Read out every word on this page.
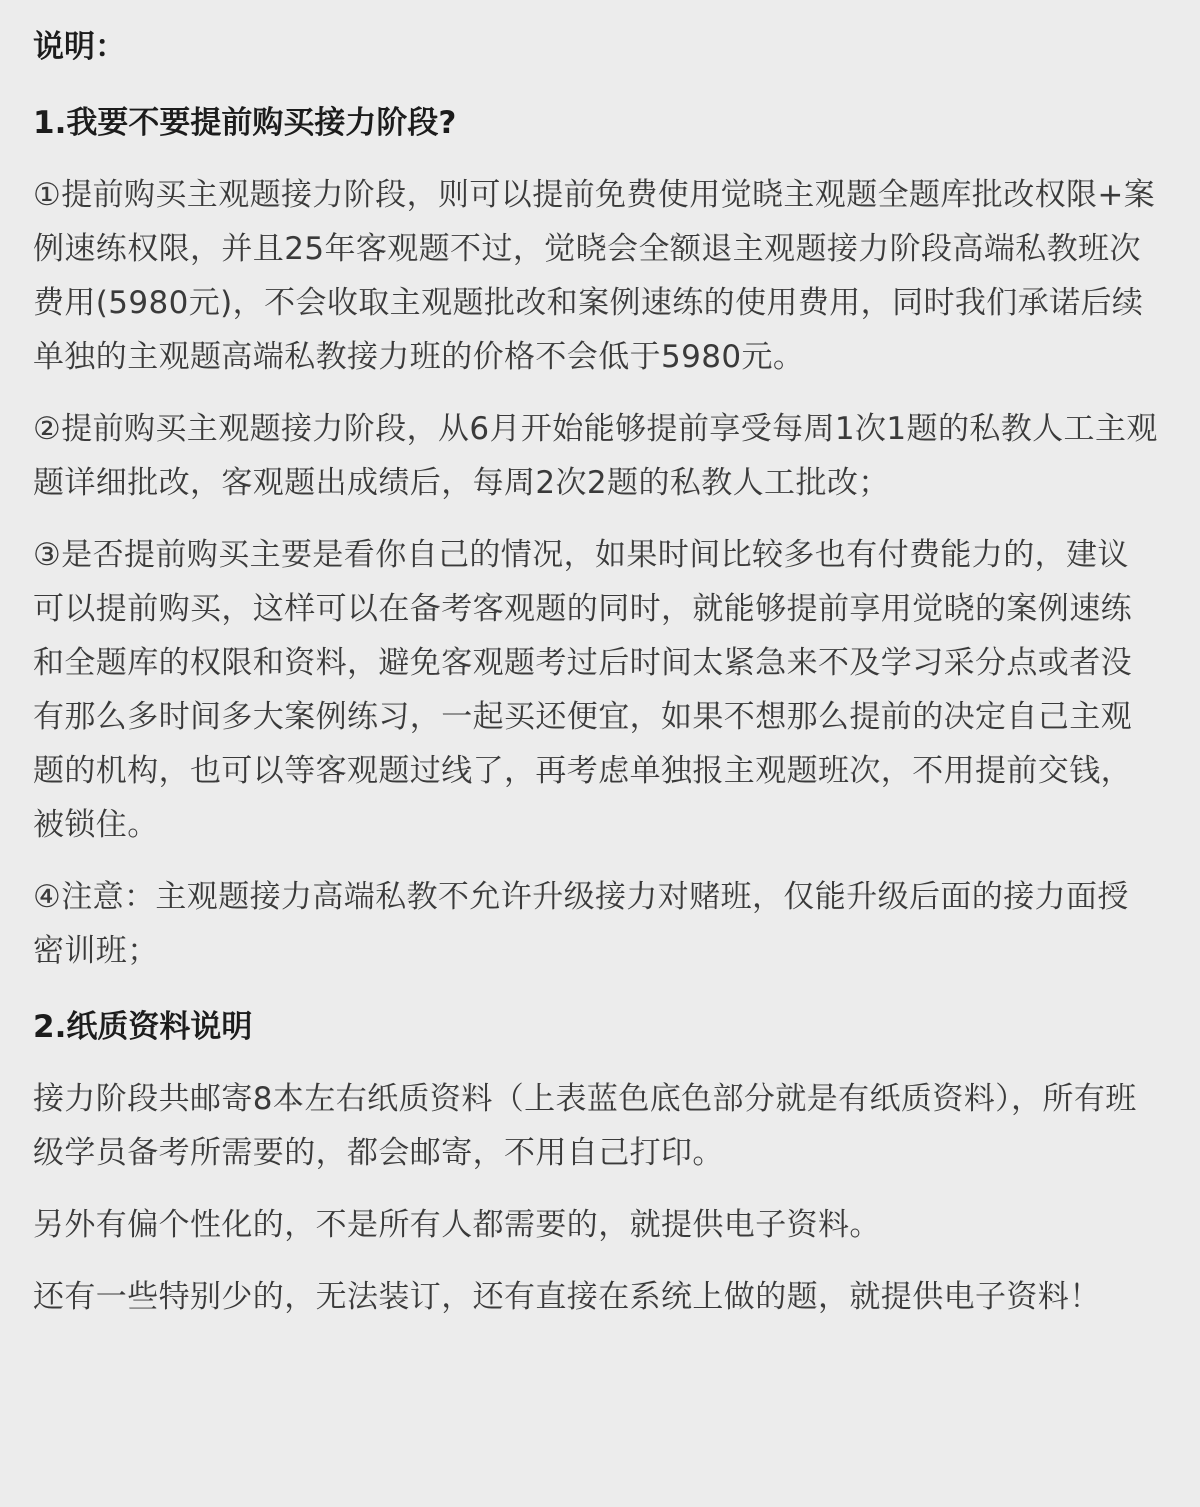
说明：

1.我要不要提前购买接力阶段?

①提前购买主观题接力阶段，则可以提前免费使用觉晓主观题全题库批改权限+案例速练权限，并且25年客观题不过，觉晓会全额退主观题接力阶段高端私教班次费用(5980元)，不会收取主观题批改和案例速练的使用费用，同时我们承诺后续单独的主观题高端私教接力班的价格不会低于5980元。

②提前购买主观题接力阶段，从6月开始能够提前享受每周1次1题的私教人工主观题详细批改，客观题出成绩后，每周2次2题的私教人工批改；

③是否提前购买主要是看你自己的情况，如果时间比较多也有付费能力的，建议可以提前购买，这样可以在备考客观题的同时，就能够提前享用觉晓的案例速练和全题库的权限和资料，避免客观题考过后时间太紧急来不及学习采分点或者没有那么多时间多大案例练习，一起买还便宜，如果不想那么提前的决定自己主观题的机构，也可以等客观题过线了，再考虑单独报主观题班次，不用提前交钱，被锁住。

④注意：主观题接力高端私教不允许升级接力对赌班，仅能升级后面的接力面授密训班；

2.纸质资料说明

接力阶段共邮寄8本左右纸质资料（上表蓝色底色部分就是有纸质资料），所有班级学员备考所需要的，都会邮寄，不用自己打印。

另外有偏个性化的，不是所有人都需要的，就提供电子资料。

还有一些特别少的，无法装订，还有直接在系统上做的题，就提供电子资料！
